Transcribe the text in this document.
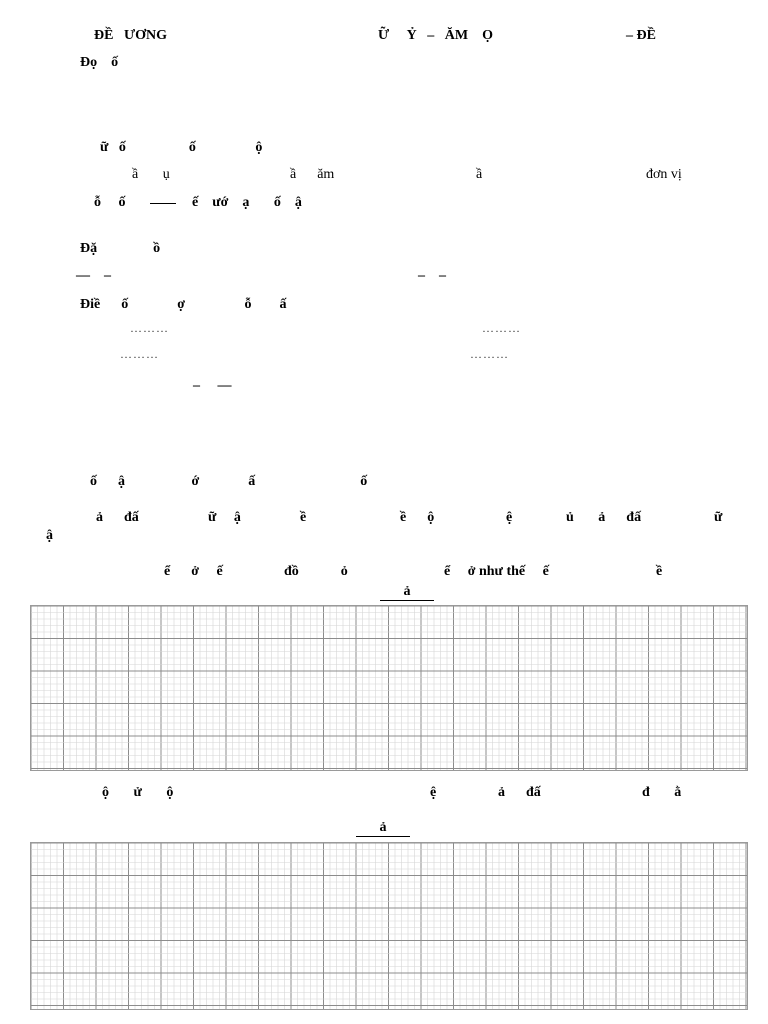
ĐỀ   ƯƠNG	Ữ     Ỷ   –   ĂM    Ọ	– ĐỀ
Đọ    ố
ữ   ố                  ố                 ộ
ầ       ụ	ầ      ăm	ầ	đơn vị
ỗ     ố	ế    ướ    ạ       ố    ậ
Đặ                ồ
—    –	–    –
Điề      ố              ợ                 ỗ        ấ
………	………
………	………
–     —
ố      ậ                   ớ              ấ                              ố
ả      đấ	ữ     ậ	ề	ề      ộ	ệ	ủ       ả      đấ	ữ
ậ
ể      ở     ế	đồ            ỏ	ể     ở như thế     ế	ề
ả
ộ       ử       ộ	ệ	ả      đấ	đ       ằ
ả
